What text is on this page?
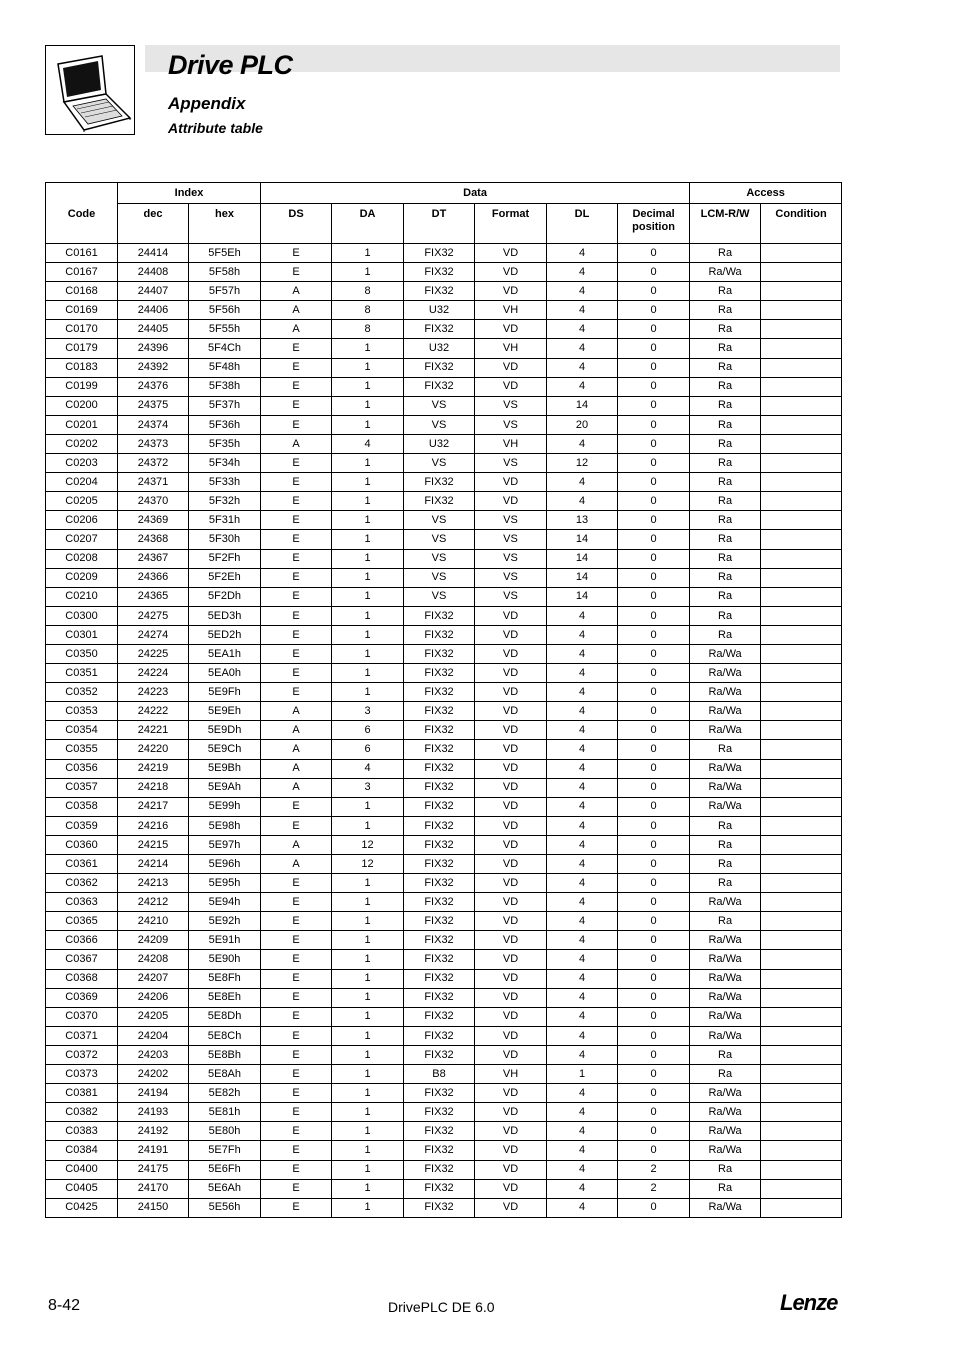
Drive PLC
Appendix
Attribute table
Code	Index		Data						Access	
	dec	hex	DS	DA	DT	Format	DL	Decimal position	LCM-R/W	Condition
C0161	24414	5F5Eh	E	1	FIX32	VD	4	0	Ra	
C0167	24408	5F58h	E	1	FIX32	VD	4	0	Ra/Wa	
C0168	24407	5F57h	A	8	FIX32	VD	4	0	Ra	
C0169	24406	5F56h	A	8	U32	VH	4	0	Ra	
C0170	24405	5F55h	A	8	FIX32	VD	4	0	Ra	
C0179	24396	5F4Ch	E	1	U32	VH	4	0	Ra	
C0183	24392	5F48h	E	1	FIX32	VD	4	0	Ra	
C0199	24376	5F38h	E	1	FIX32	VD	4	0	Ra	
C0200	24375	5F37h	E	1	VS	VS	14	0	Ra	
C0201	24374	5F36h	E	1	VS	VS	20	0	Ra	
C0202	24373	5F35h	A	4	U32	VH	4	0	Ra	
C0203	24372	5F34h	E	1	VS	VS	12	0	Ra	
C0204	24371	5F33h	E	1	FIX32	VD	4	0	Ra	
C0205	24370	5F32h	E	1	FIX32	VD	4	0	Ra	
C0206	24369	5F31h	E	1	VS	VS	13	0	Ra	
C0207	24368	5F30h	E	1	VS	VS	14	0	Ra	
C0208	24367	5F2Fh	E	1	VS	VS	14	0	Ra	
C0209	24366	5F2Eh	E	1	VS	VS	14	0	Ra	
C0210	24365	5F2Dh	E	1	VS	VS	14	0	Ra	
C0300	24275	5ED3h	E	1	FIX32	VD	4	0	Ra	
C0301	24274	5ED2h	E	1	FIX32	VD	4	0	Ra	
C0350	24225	5EA1h	E	1	FIX32	VD	4	0	Ra/Wa	
C0351	24224	5EA0h	E	1	FIX32	VD	4	0	Ra/Wa	
C0352	24223	5E9Fh	E	1	FIX32	VD	4	0	Ra/Wa	
C0353	24222	5E9Eh	A	3	FIX32	VD	4	0	Ra/Wa	
C0354	24221	5E9Dh	A	6	FIX32	VD	4	0	Ra/Wa	
C0355	24220	5E9Ch	A	6	FIX32	VD	4	0	Ra	
C0356	24219	5E9Bh	A	4	FIX32	VD	4	0	Ra/Wa	
C0357	24218	5E9Ah	A	3	FIX32	VD	4	0	Ra/Wa	
C0358	24217	5E99h	E	1	FIX32	VD	4	0	Ra/Wa	
C0359	24216	5E98h	E	1	FIX32	VD	4	0	Ra	
C0360	24215	5E97h	A	12	FIX32	VD	4	0	Ra	
C0361	24214	5E96h	A	12	FIX32	VD	4	0	Ra	
C0362	24213	5E95h	E	1	FIX32	VD	4	0	Ra	
C0363	24212	5E94h	E	1	FIX32	VD	4	0	Ra/Wa	
C0365	24210	5E92h	E	1	FIX32	VD	4	0	Ra	
C0366	24209	5E91h	E	1	FIX32	VD	4	0	Ra/Wa	
C0367	24208	5E90h	E	1	FIX32	VD	4	0	Ra/Wa	
C0368	24207	5E8Fh	E	1	FIX32	VD	4	0	Ra/Wa	
C0369	24206	5E8Eh	E	1	FIX32	VD	4	0	Ra/Wa	
C0370	24205	5E8Dh	E	1	FIX32	VD	4	0	Ra/Wa	
C0371	24204	5E8Ch	E	1	FIX32	VD	4	0	Ra/Wa	
C0372	24203	5E8Bh	E	1	FIX32	VD	4	0	Ra	
C0373	24202	5E8Ah	E	1	B8	VH	1	0	Ra	
C0381	24194	5E82h	E	1	FIX32	VD	4	0	Ra/Wa	
C0382	24193	5E81h	E	1	FIX32	VD	4	0	Ra/Wa	
C0383	24192	5E80h	E	1	FIX32	VD	4	0	Ra/Wa	
C0384	24191	5E7Fh	E	1	FIX32	VD	4	0	Ra/Wa	
C0400	24175	5E6Fh	E	1	FIX32	VD	4	2	Ra	
C0405	24170	5E6Ah	E	1	FIX32	VD	4	2	Ra	
C0425	24150	5E56h	E	1	FIX32	VD	4	0	Ra/Wa	
8-42	DrivePLC DE 6.0	Lenze
